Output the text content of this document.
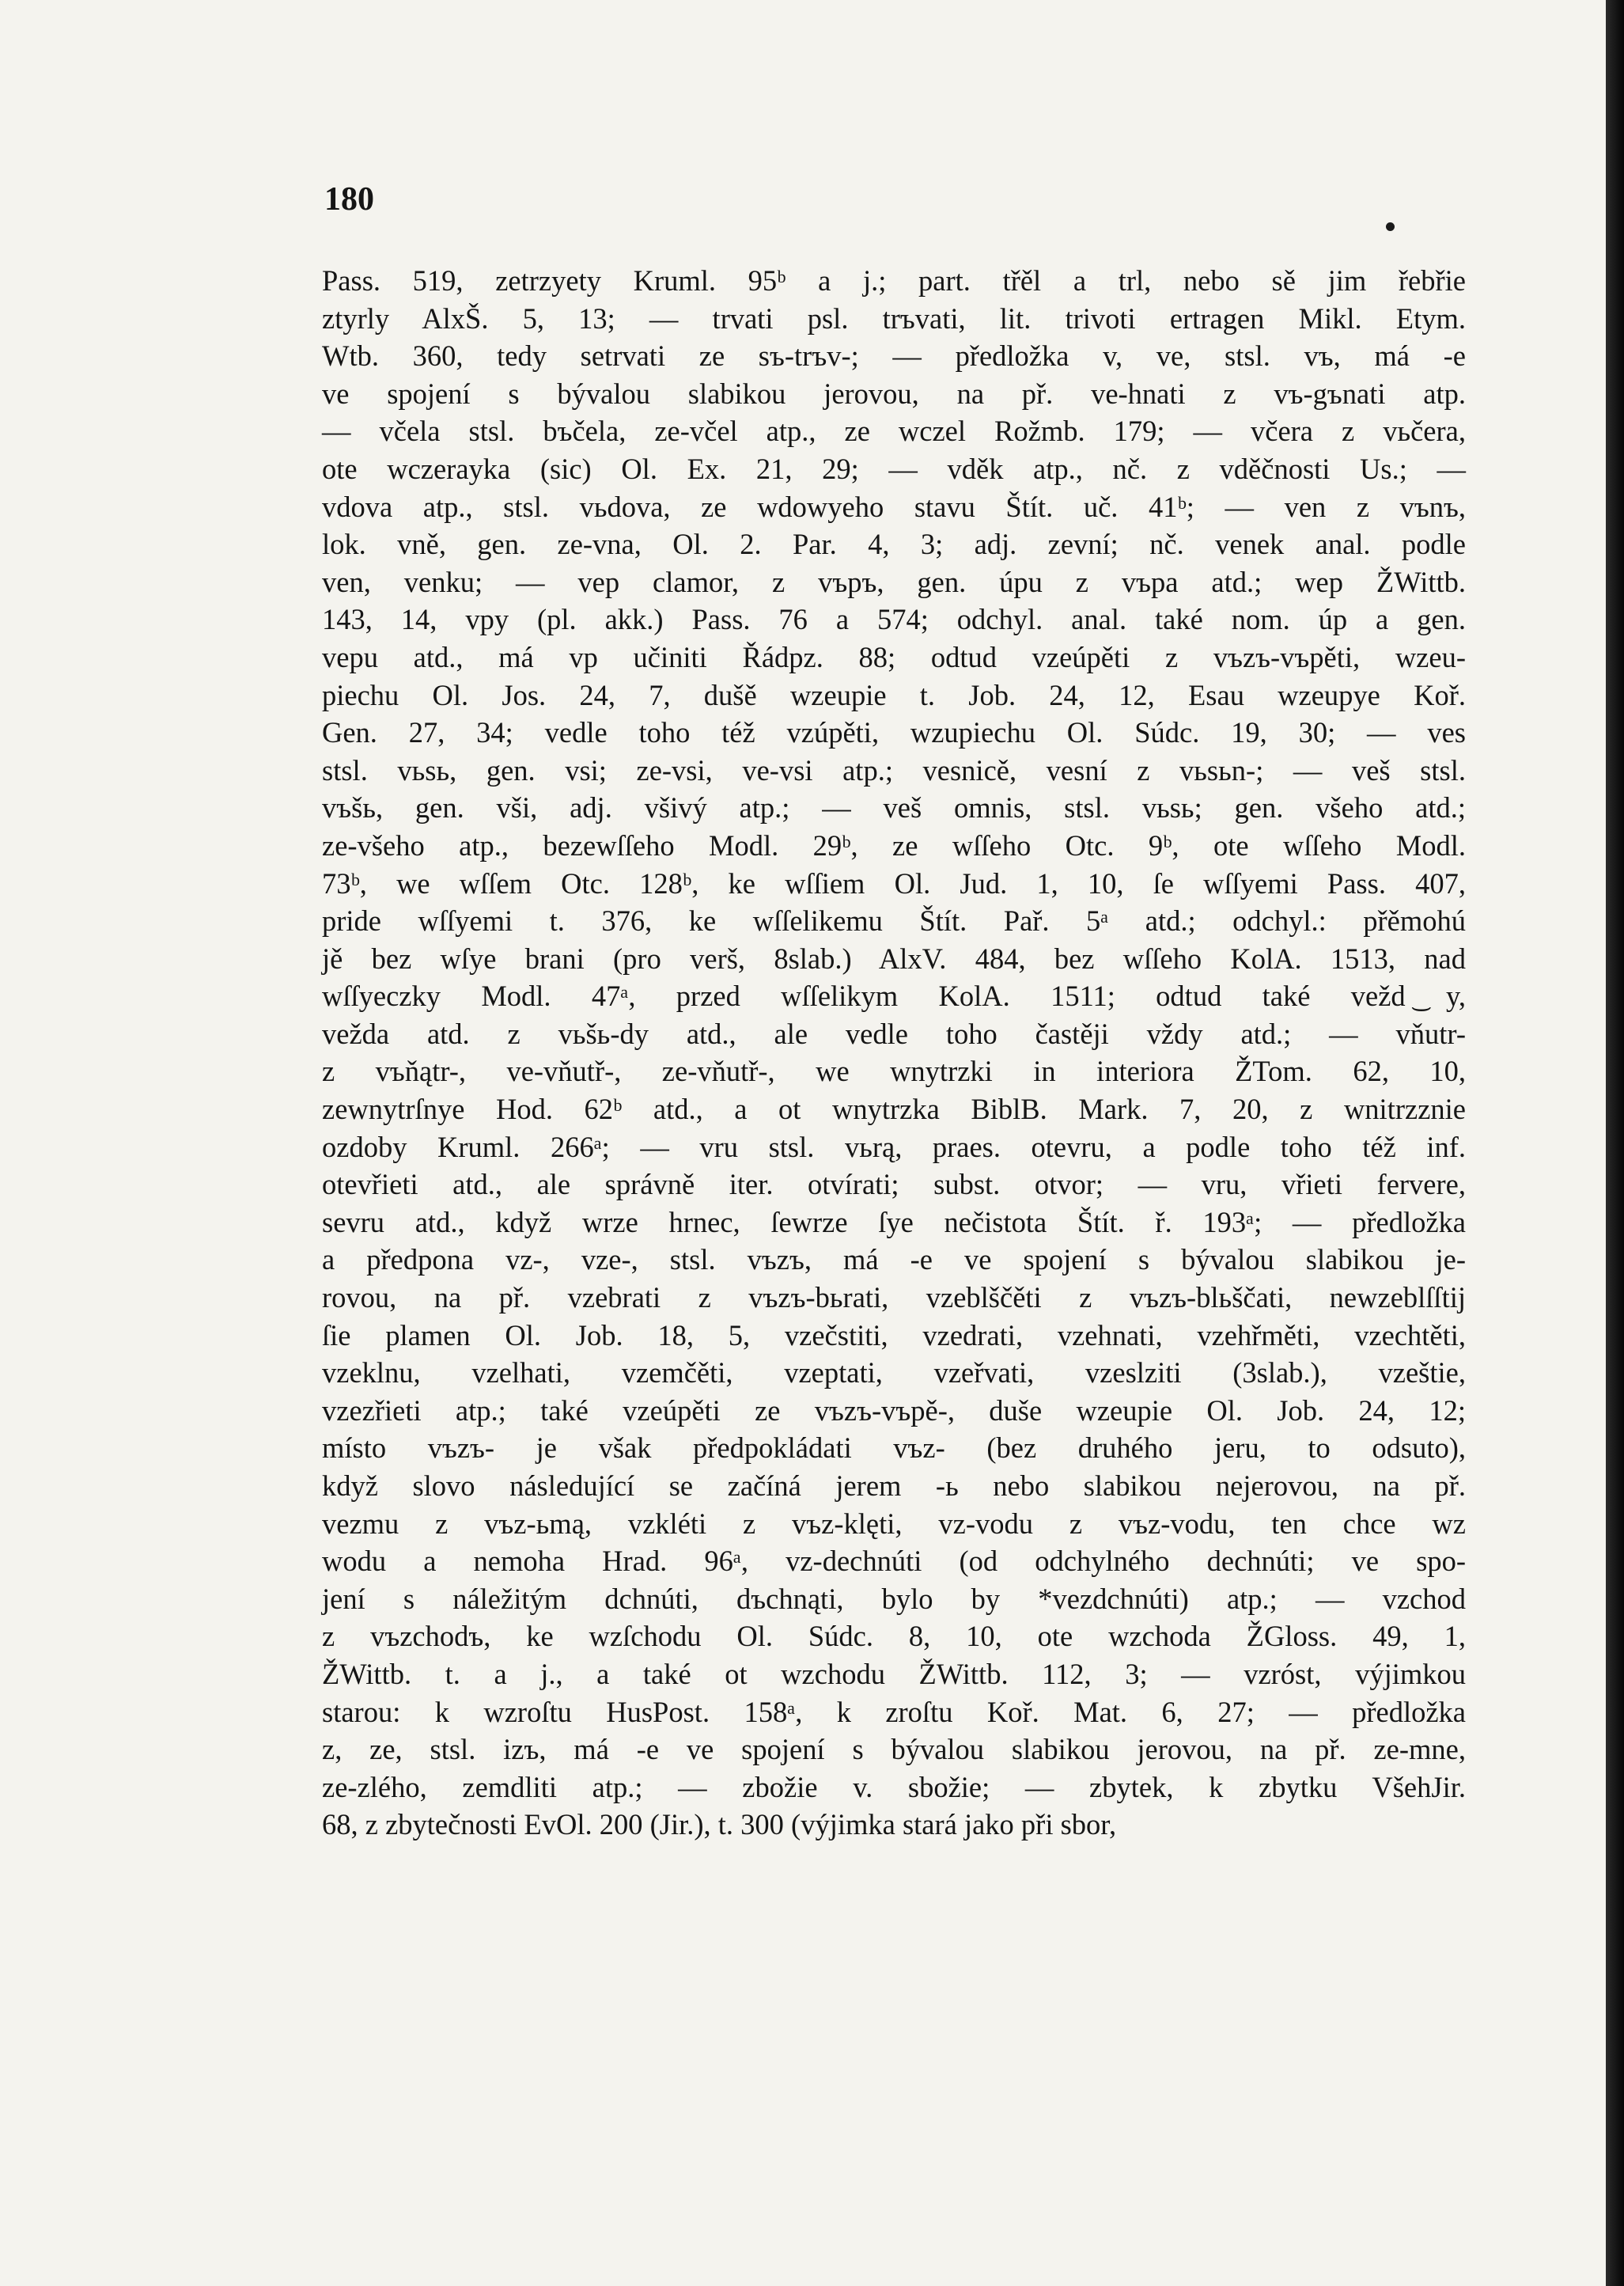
180
Pass. 519, zetrzyety Kruml. 95ᵇ a j.; part. třěl a trl, nebo sě jim řebřie
ztyrly AlxŠ. 5, 13; — trvati psl. trъvati, lit. trivoti ertragen Mikl. Etym.
Wtb. 360, tedy setrvati ze sъ-trъv-; — předložka v, ve, stsl. vъ, má -e
ve spojení s bývalou slabikou jerovou, na př. ve-hnati z vъ-gъnati atp.
— včela stsl. bъčela, ze-včel atp., ze wczel Rožmb. 179; — včera z vьčera,
ote wczerayka (sic) Ol. Ex. 21, 29; — vděk atp., nč. z vděčnosti Us.; —
vdova atp., stsl. vьdova, ze wdowyeho stavu Štít. uč. 41ᵇ; — ven z vъnъ,
lok. vně, gen. ze-vna, Ol. 2. Par. 4, 3; adj. zevní; nč. venek anal. podle
ven, venku; — vep clamor, z vъpъ, gen. úpu z vъpa atd.; wep ŽWittb.
143, 14, vpy (pl. akk.) Pass. 76 a 574; odchyl. anal. také nom. úp a gen.
vepu atd., má vp učiniti Řádpz. 88; odtud vzeúpěti z vъzъ-vъpěti, wzeu-
piechu Ol. Jos. 24, 7, dušě wzeupie t. Job. 24, 12, Esau wzeupye Koř.
Gen. 27, 34; vedle toho též vzúpěti, wzupiechu Ol. Súdc. 19, 30; — ves
stsl. vьsь, gen. vsi; ze-vsi, ve-vsi atp.; vesnicě, vesní z vьsьn-; — veš stsl.
vъšь, gen. vši, adj. všivý atp.; — veš omnis, stsl. vьsь; gen. všeho atd.;
ze-všeho atp., bezewſſeho Modl. 29ᵇ, ze wſſeho Otc. 9ᵇ, ote wſſeho Modl.
73ᵇ, we wſſem Otc. 128ᵇ, ke wſſiem Ol. Jud. 1, 10, ſe wſſyemi Pass. 407,
pride wſſyemi t. 376, ke wſſelikemu Štít. Pař. 5ᵃ atd.; odchyl.: přěmohú
jě bez wſye brani (pro verš, 8slab.) AlxV. 484, bez wſſeho KolA. 1513, nad
wſſyeczky Modl. 47ᵃ, przed wſſelikym KolA. 1511; odtud také vežd ͜y,
vežda atd. z vьšь-dy atd., ale vedle toho častěji vždy atd.; — vňutr-
z vъňątr-, ve-vňutř-, ze-vňutř-, we wnytrzki in interiora ŽTom. 62, 10,
zewnytrſnye Hod. 62ᵇ atd., a ot wnytrzka BiblB. Mark. 7, 20, z wnitrzznie
ozdoby Kruml. 266ᵃ; — vru stsl. vьrą, praes. otevru, a podle toho též inf.
otevřieti atd., ale správně iter. otvírati; subst. otvor; — vru, vřieti fervere,
sevru atd., když wrze hrnec, ſewrze ſye nečistota Štít. ř. 193ᵃ; — předložka
a předpona vz-, vze-, stsl. vъzъ, má -e ve spojení s bývalou slabikou je-
rovou, na př. vzebrati z vъzъ-bьrati, vzeblščěti z vъzъ-blьščati, newzeblſſtij
ſie plamen Ol. Job. 18, 5, vzečstiti, vzedrati, vzehnati, vzehřměti, vzechtěti,
vzeklnu, vzelhati, vzemčěti, vzeptati, vzeřvati, vzeslziti (3slab.), vzeštie,
vzezřieti atp.; také vzeúpěti ze vъzъ-vъpě-, duše wzeupie Ol. Job. 24, 12;
místo vъzъ- je však předpokládati vъz- (bez druhého jeru, to odsuto),
když slovo následující se začíná jerem -ь nebo slabikou nejerovou, na př.
vezmu z vъz-ьmą, vzkléti z vъz-klęti, vz-vodu z vъz-vodu, ten chce wz
wodu a nemoha Hrad. 96ᵃ, vz-dechnúti (od odchylného dechnúti; ve spo-
jení s náležitým dchnúti, dъchnąti, bylo by *vezdchnúti) atp.; — vzchod
z vъzchodъ, ke wzſchodu Ol. Súdc. 8, 10, ote wzchoda ŽGloss. 49, 1,
ŽWittb. t. a j., a také ot wzchodu ŽWittb. 112, 3; — vzróst, výjimkou
starou: k wzroſtu HusPost. 158ᵃ, k zroſtu Koř. Mat. 6, 27; — předložka
z, ze, stsl. izъ, má -e ve spojení s bývalou slabikou jerovou, na př. ze-mne,
ze-zlého, zemdliti atp.; — zbožie v. sbožie; — zbytek, k zbytku VšehJir.
68, z zbytečnosti EvOl. 200 (Jir.), t. 300 (výjimka stará jako při sbor,
